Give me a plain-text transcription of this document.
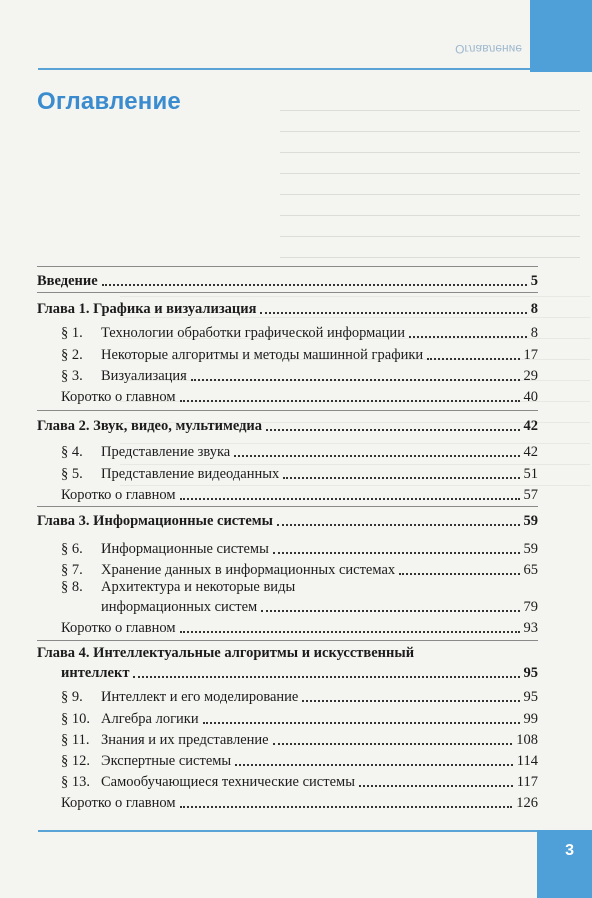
Оглавление
Оглавление
Введение	5
Глава 1. Графика и визуализация	8
§ 1. Технологии обработки графической информации	8
§ 2. Некоторые алгоритмы и методы машинной графики	17
§ 3. Визуализация	29
Коротко о главном	40
Глава 2. Звук, видео, мультимедиа	42
§ 4. Представление звука	42
§ 5. Представление видеоданных	51
Коротко о главном	57
Глава 3. Информационные системы	59
§ 6. Информационные системы	59
§ 7. Хранение данных в информационных системах	65
§ 8. Архитектура и некоторые виды
информационных систем	79
Коротко о главном	93
Глава 4. Интеллектуальные алгоритмы и искусственный
интеллект	95
§ 9. Интеллект и его моделирование	95
§ 10. Алгебра логики	99
§ 11. Знания и их представление	108
§ 12. Экспертные системы	114
§ 13. Самообучающиеся технические системы	117
Коротко о главном	126
3
